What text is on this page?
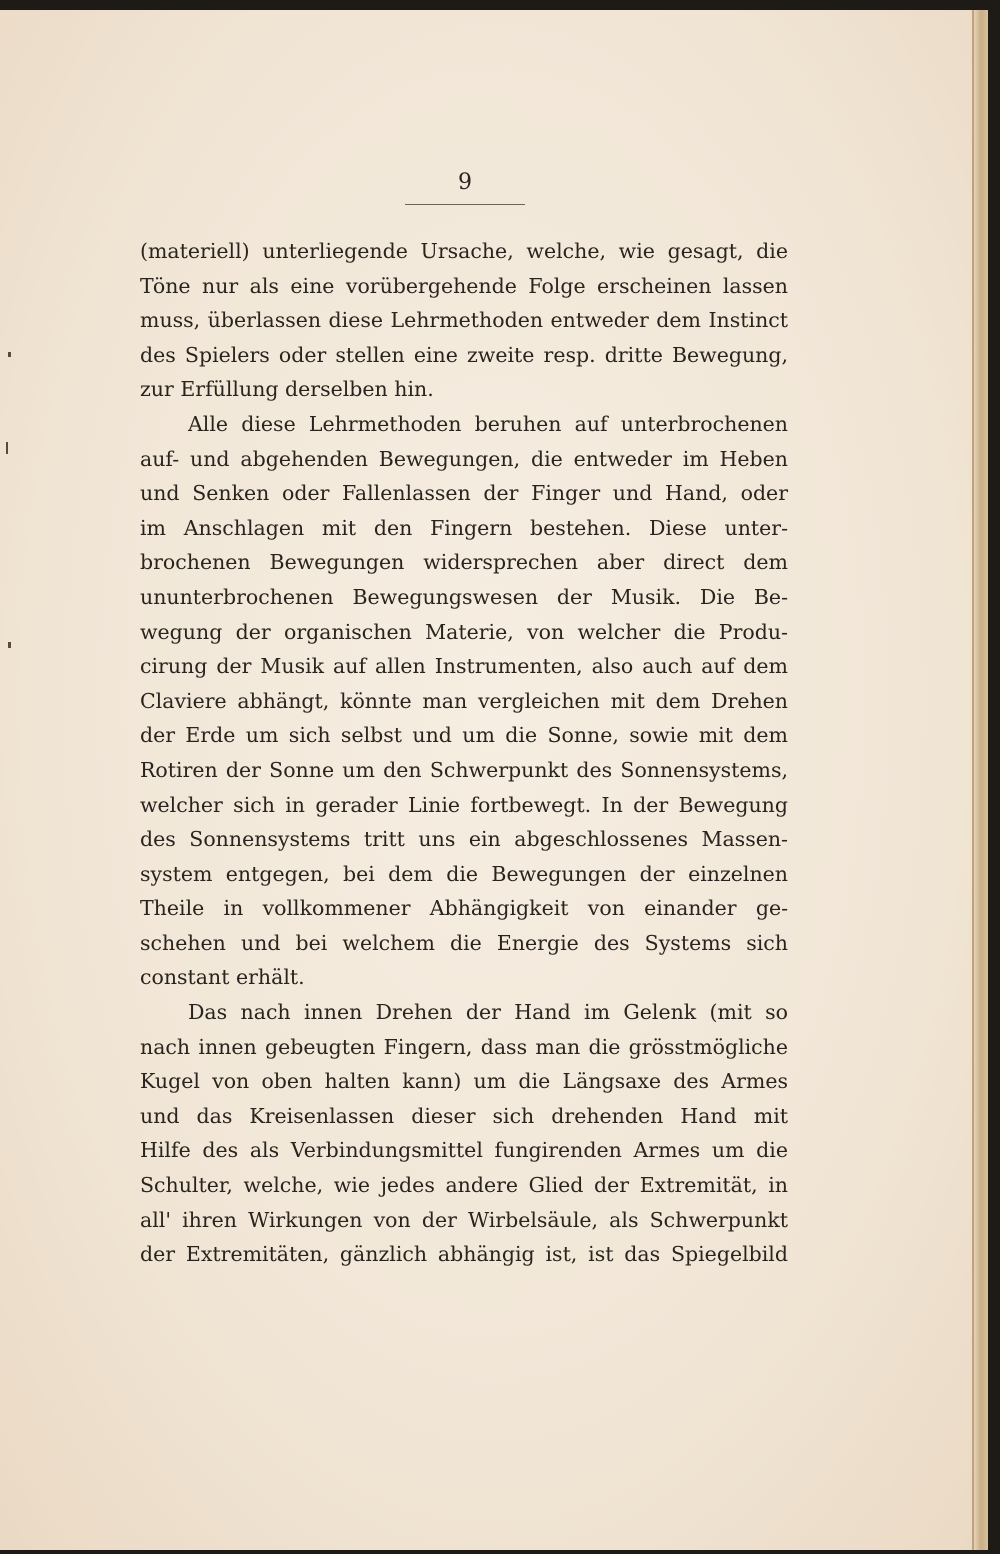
9
(materiell) unterliegende Ursache, welche, wie gesagt, die
Töne nur als eine vorübergehende Folge erscheinen lassen
muss, überlassen diese Lehrmethoden entweder dem Instinct
des Spielers oder stellen eine zweite resp. dritte Bewegung,
zur Erfüllung derselben hin.
Alle diese Lehrmethoden beruhen auf unterbrochenen
auf- und abgehenden Bewegungen, die entweder im Heben
und Senken oder Fallenlassen der Finger und Hand, oder
im Anschlagen mit den Fingern bestehen. Diese unter-
brochenen Bewegungen widersprechen aber direct dem
ununterbrochenen Bewegungswesen der Musik. Die Be-
wegung der organischen Materie, von welcher die Produ-
cirung der Musik auf allen Instrumenten, also auch auf dem
Claviere abhängt, könnte man vergleichen mit dem Drehen
der Erde um sich selbst und um die Sonne, sowie mit dem
Rotiren der Sonne um den Schwerpunkt des Sonnensystems,
welcher sich in gerader Linie fortbewegt. In der Bewegung
des Sonnensystems tritt uns ein abgeschlossenes Massen-
system entgegen, bei dem die Bewegungen der einzelnen
Theile in vollkommener Abhängigkeit von einander ge-
schehen und bei welchem die Energie des Systems sich
constant erhält.
Das nach innen Drehen der Hand im Gelenk (mit so
nach innen gebeugten Fingern, dass man die grösstmögliche
Kugel von oben halten kann) um die Längsaxe des Armes
und das Kreisenlassen dieser sich drehenden Hand mit
Hilfe des als Verbindungsmittel fungirenden Armes um die
Schulter, welche, wie jedes andere Glied der Extremität, in
all' ihren Wirkungen von der Wirbelsäule, als Schwerpunkt
der Extremitäten, gänzlich abhängig ist, ist das Spiegelbild
